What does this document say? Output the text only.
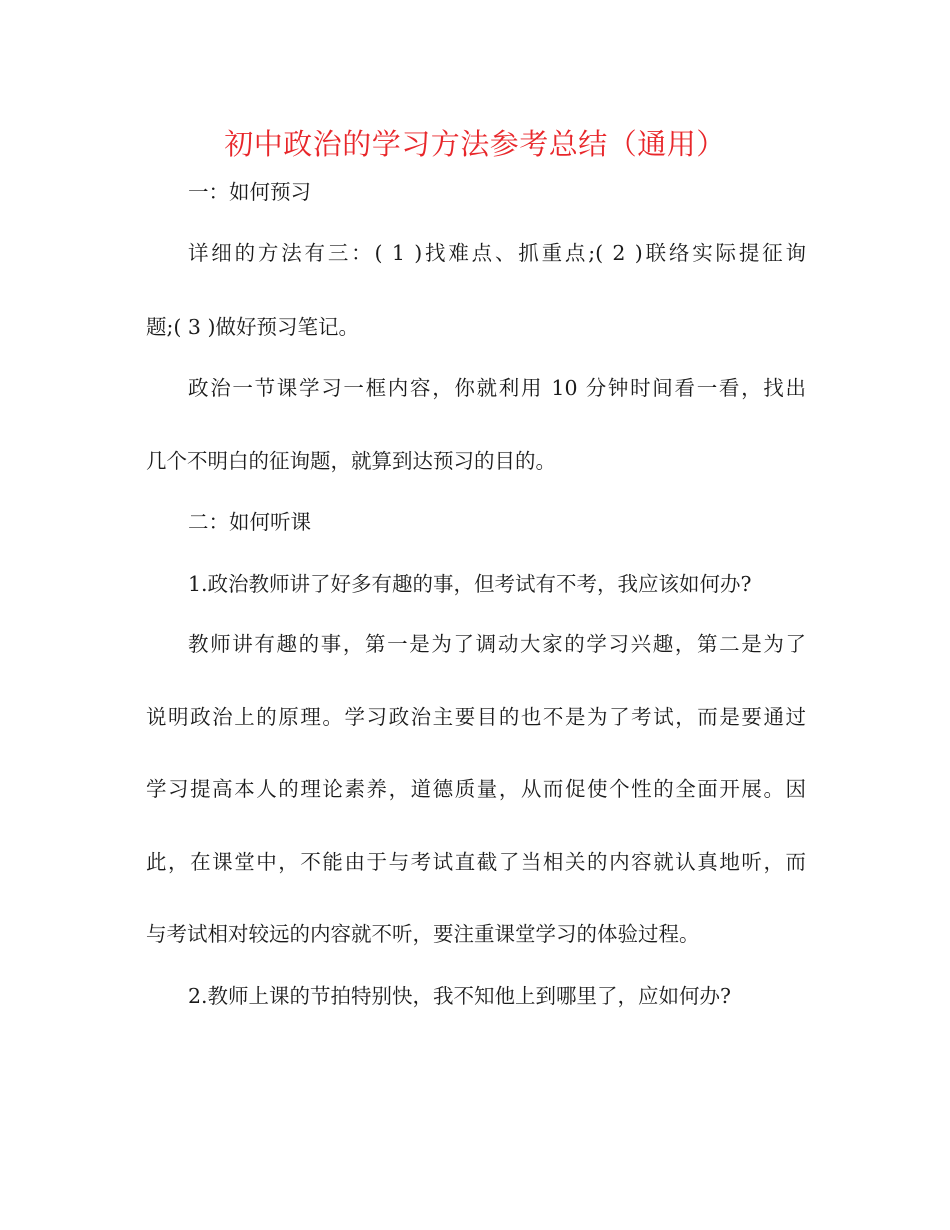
初中政治的学习方法参考总结（通用）

一：如何预习

详细的方法有三：( 1 )找难点、抓重点;( 2 )联络实际提征询

题;( 3 )做好预习笔记。

政治一节课学习一框内容，你就利用 10 分钟时间看一看，找出

几个不明白的征询题，就算到达预习的目的。

二：如何听课

1.政治教师讲了好多有趣的事，但考试有不考，我应该如何办?

教师讲有趣的事，第一是为了调动大家的学习兴趣，第二是为了

说明政治上的原理。学习政治主要目的也不是为了考试，而是要通过

学习提高本人的理论素养，道德质量，从而促使个性的全面开展。因

此，在课堂中，不能由于与考试直截了当相关的内容就认真地听，而

与考试相对较远的内容就不听，要注重课堂学习的体验过程。

2.教师上课的节拍特别快，我不知他上到哪里了，应如何办?
